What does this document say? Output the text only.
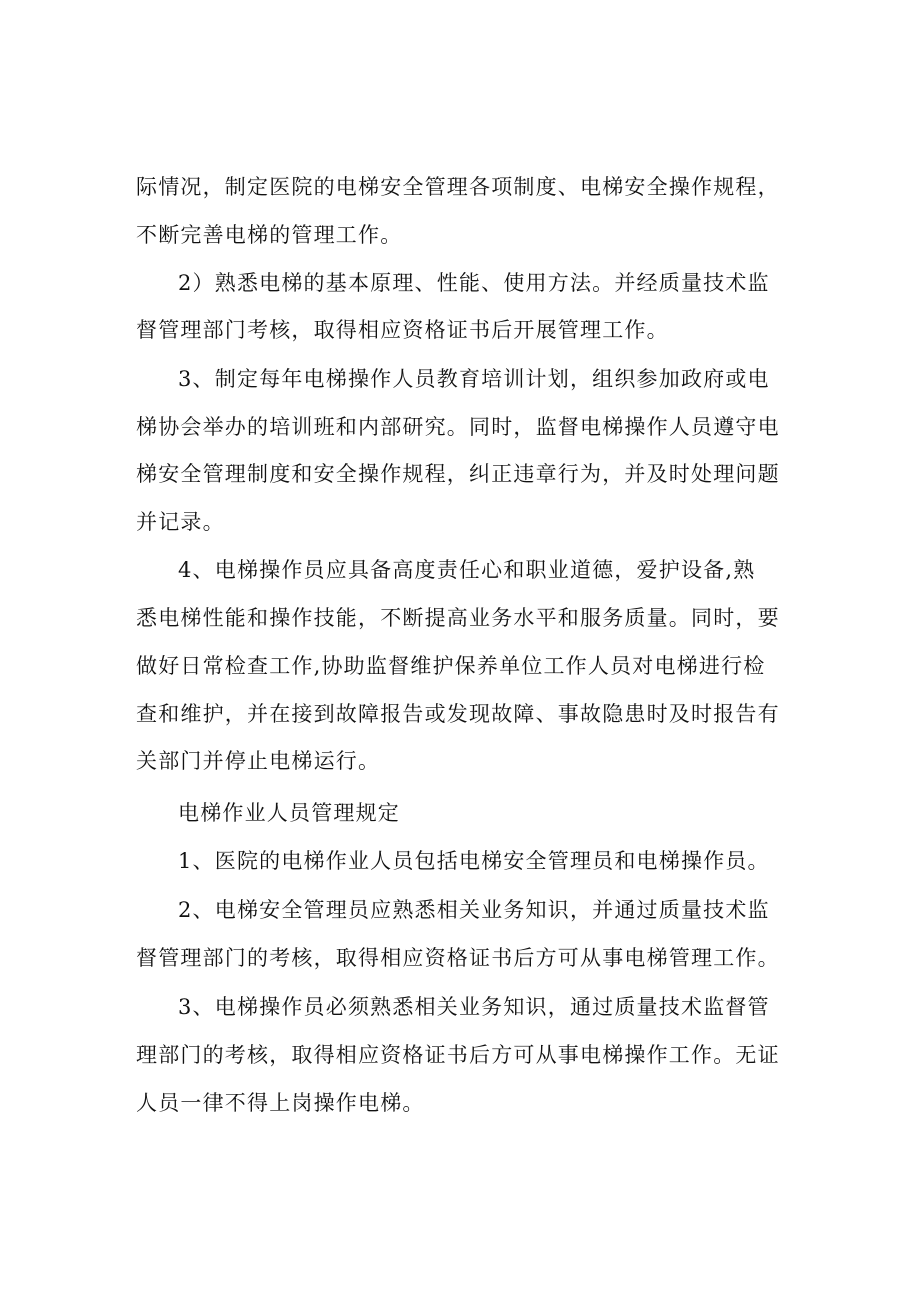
际情况，制定医院的电梯安全管理各项制度、电梯安全操作规程，
不断完善电梯的管理工作。
2）熟悉电梯的基本原理、性能、使用方法。并经质量技术监
督管理部门考核，取得相应资格证书后开展管理工作。
3、制定每年电梯操作人员教育培训计划，组织参加政府或电
梯协会举办的培训班和内部研究。同时，监督电梯操作人员遵守电
梯安全管理制度和安全操作规程，纠正违章行为，并及时处理问题
并记录。
4、电梯操作员应具备高度责任心和职业道德，爱护设备,熟
悉电梯性能和操作技能，不断提高业务水平和服务质量。同时，要
做好日常检查工作,协助监督维护保养单位工作人员对电梯进行检
查和维护，并在接到故障报告或发现故障、事故隐患时及时报告有
关部门并停止电梯运行。
电梯作业人员管理规定
1、医院的电梯作业人员包括电梯安全管理员和电梯操作员。
2、电梯安全管理员应熟悉相关业务知识，并通过质量技术监
督管理部门的考核，取得相应资格证书后方可从事电梯管理工作。
3、电梯操作员必须熟悉相关业务知识，通过质量技术监督管
理部门的考核，取得相应资格证书后方可从事电梯操作工作。无证
人员一律不得上岗操作电梯。
